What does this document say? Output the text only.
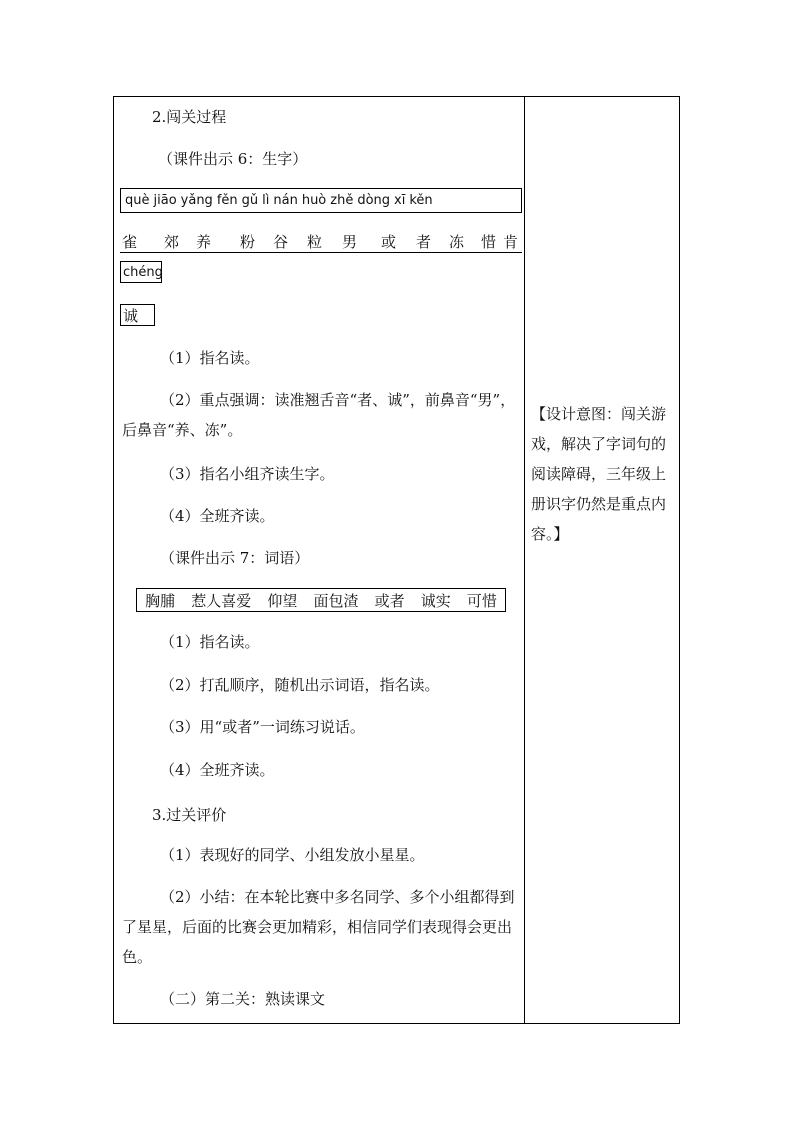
2.闯关过程
（课件出示 6：生字）
què jiāo yǎng fěn gǔ lì nán huò zhě dòng xī kěn
雀 郊 养 粉 谷 粒 男 或 者 冻 惜 肯
chéng
诚
（1）指名读。
（2）重点强调：读准翘舌音“者、诚”，前鼻音“男”，后鼻音“养、冻”。
（3）指名小组齐读生字。
（4）全班齐读。
（课件出示 7：词语）
胸脯 惹人喜爱 仰望 面包渣 或者 诚实 可惜
（1）指名读。
（2）打乱顺序，随机出示词语，指名读。
（3）用“或者”一词练习说话。
（4）全班齐读。
3.过关评价
（1）表现好的同学、小组发放小星星。
（2）小结：在本轮比赛中多名同学、多个小组都得到了星星，后面的比赛会更加精彩，相信同学们表现得会更出色。
（二）第二关：熟读课文
【设计意图：闯关游戏，解决了字词句的阅读障碍，三年级上册识字仍然是重点内容。】
